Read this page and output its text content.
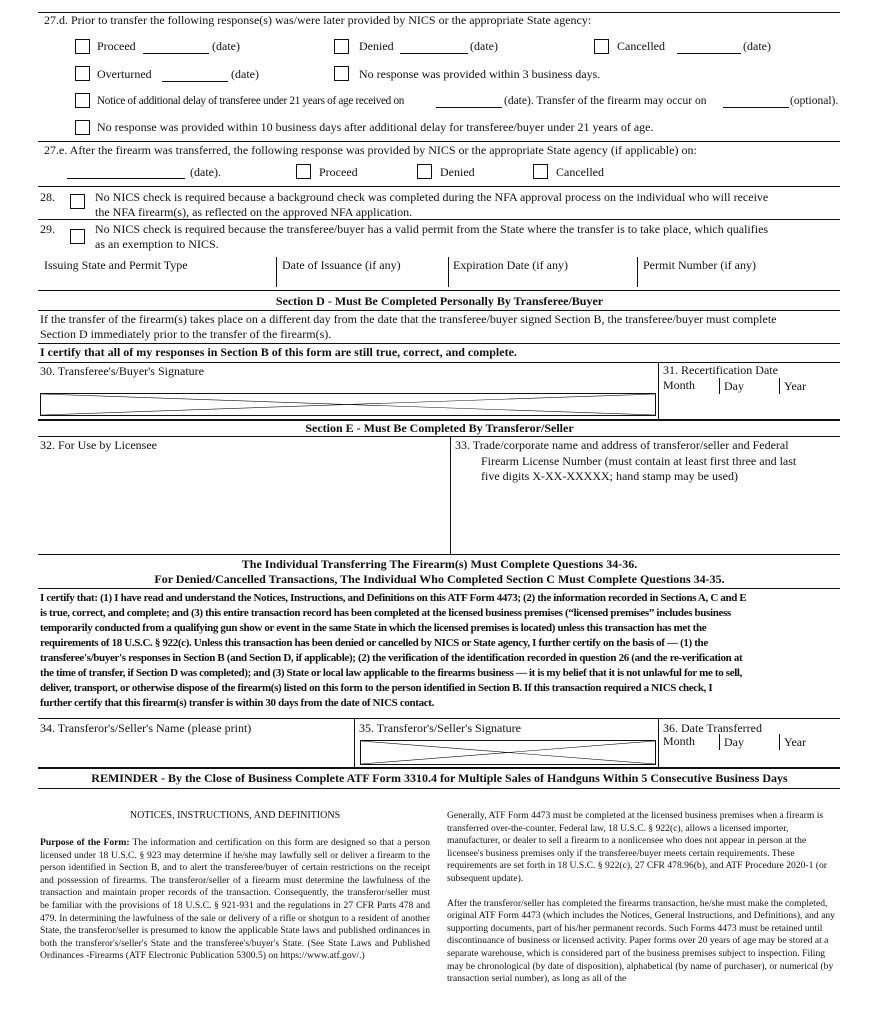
27.d. Prior to transfer the following response(s) was/were later provided by NICS or the appropriate State agency:
Proceed	(date)	Denied	(date)	Cancelled	(date)
Overturned	(date)	No response was provided within 3 business days.
Notice of additional delay of transferee under 21 years of age received on	(date). Transfer of the firearm may occur on	(optional).
No response was provided within 10 business days after additional delay for transferee/buyer under 21 years of age.
27.e. After the firearm was transferred, the following response was provided by NICS or the appropriate State agency (if applicable) on:
(date).	Proceed	Denied	Cancelled
28.	No NICS check is required because a background check was completed during the NFA approval process on the individual who will receive
the NFA firearm(s), as reflected on the approved NFA application.
29.	No NICS check is required because the transferee/buyer has a valid permit from the State where the transfer is to take place, which qualifies
as an exemption to NICS.
Issuing State and Permit Type	Date of Issuance (if any)	Expiration Date (if any)	Permit Number (if any)
Section D - Must Be Completed Personally By Transferee/Buyer
If the transfer of the firearm(s) takes place on a different day from the date that the transferee/buyer signed Section B, the transferee/buyer must complete
Section D immediately prior to the transfer of the firearm(s).
I certify that all of my responses in Section B of this form are still true, correct, and complete.
30. Transferee's/Buyer's Signature	31. Recertification Date
Month Day	Year
Section E - Must Be Completed By Transferor/Seller
32. For Use by Licensee	33. Trade/corporate name and address of transferor/seller and Federal
Firearm License Number (must contain at least first three and last
five digits X-XX-XXXXX; hand stamp may be used)
The Individual Transferring The Firearm(s) Must Complete Questions 34-36.
For Denied/Cancelled Transactions, The Individual Who Completed Section C Must Complete Questions 34-35.
I certify that: (1) I have read and understand the Notices, Instructions, and Definitions on this ATF Form 4473; (2) the information recorded in Sections A, C and E
is true, correct, and complete; and (3) this entire transaction record has been completed at the licensed business premises (“licensed premises” includes business
temporarily conducted from a qualifying gun show or event in the same State in which the licensed premises is located) unless this transaction has met the
requirements of 18 U.S.C. § 922(c). Unless this transaction has been denied or cancelled by NICS or State agency, I further certify on the basis of — (1) the
transferee's/buyer's responses in Section B (and Section D, if applicable); (2) the verification of the identification recorded in question 26 (and the re-verification at
the time of transfer, if Section D was completed); and (3) State or local law applicable to the firearms business — it is my belief that it is not unlawful for me to sell,
deliver, transport, or otherwise dispose of the firearm(s) listed on this form to the person identified in Section B. If this transaction required a NICS check, I
further certify that this firearm(s) transfer is within 30 days from the date of NICS contact.
34. Transferor's/Seller's Name (please print)	35. Transferor's/Seller's Signature	36. Date Transferred
Month Day	Year
REMINDER - By the Close of Business Complete ATF Form 3310.4 for Multiple Sales of Handguns Within 5 Consecutive Business Days
NOTICES, INSTRUCTIONS, AND DEFINITIONS

Purpose of the Form: The information and certification on this form are designed so that a person licensed under 18 U.S.C. § 923 may determine if he/she may lawfully sell or deliver a firearm to the person identified in Section B, and to alert the transferee/buyer of certain restrictions on the receipt and possession of firearms. The transferor/seller of a firearm must determine the lawfulness of the transaction and maintain proper records of the transaction. Consequently, the transferor/seller must be familiar with the provisions of 18 U.S.C. § 921-931 and the regulations in 27 CFR Parts 478 and 479. In determining the lawfulness of the sale or delivery of a rifle or shotgun to a resident of another State, the transferor/seller is presumed to know the applicable State laws and published ordinances in both the transferor's/seller's State and the transferee's/buyer's State. (See State Laws and Published Ordinances -Firearms (ATF Electronic Publication 5300.5) on https://www.atf.gov/.)

Generally, ATF Form 4473 must be completed at the licensed business premises when a firearm is transferred over-the-counter. Federal law, 18 U.S.C. § 922(c), allows a licensed importer, manufacturer, or dealer to sell a firearm to a nonlicensee who does not appear in person at the licensee's business premises only if the transferee/buyer meets certain requirements. These requirements are set forth in 18 U.S.C. § 922(c), 27 CFR 478.96(b), and ATF Procedure 2020-1 (or subsequent update).

After the transferor/seller has completed the firearms transaction, he/she must make the completed, original ATF Form 4473 (which includes the Notices, General Instructions, and Definitions), and any supporting documents, part of his/her permanent records. Such Forms 4473 must be retained until discontinuance of business or licensed activity. Paper forms over 20 years of age may be stored at a separate warehouse, which is considered part of the business premises subject to inspection. Filing may be chronological (by date of disposition), alphabetical (by name of purchaser), or numerical (by transaction serial number), as long as all of the
